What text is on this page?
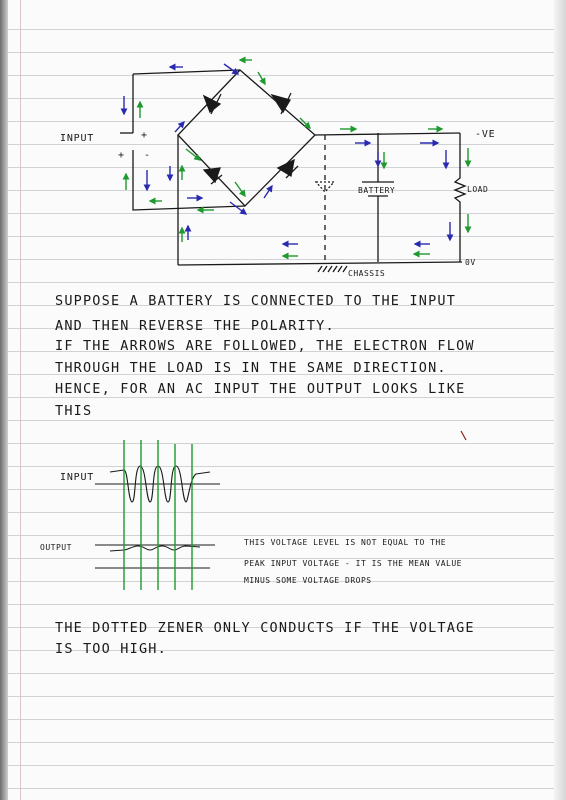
INPUT	+
-
+
-VE
BATTERY	LOAD
0V
CHASSIS
SUPPOSE A BATTERY IS CONNECTED TO THE INPUT
AND THEN REVERSE THE POLARITY.
IF THE ARROWS ARE FOLLOWED, THE ELECTRON FLOW
THROUGH THE LOAD IS IN THE SAME DIRECTION.
HENCE, FOR AN AC INPUT THE OUTPUT LOOKS LIKE
THIS
INPUT
OUTPUT
THIS VOLTAGE LEVEL IS NOT EQUAL TO THE
PEAK INPUT VOLTAGE - IT IS THE MEAN VALUE
MINUS SOME VOLTAGE DROPS
THE DOTTED ZENER ONLY CONDUCTS IF THE VOLTAGE
IS TOO HIGH.
